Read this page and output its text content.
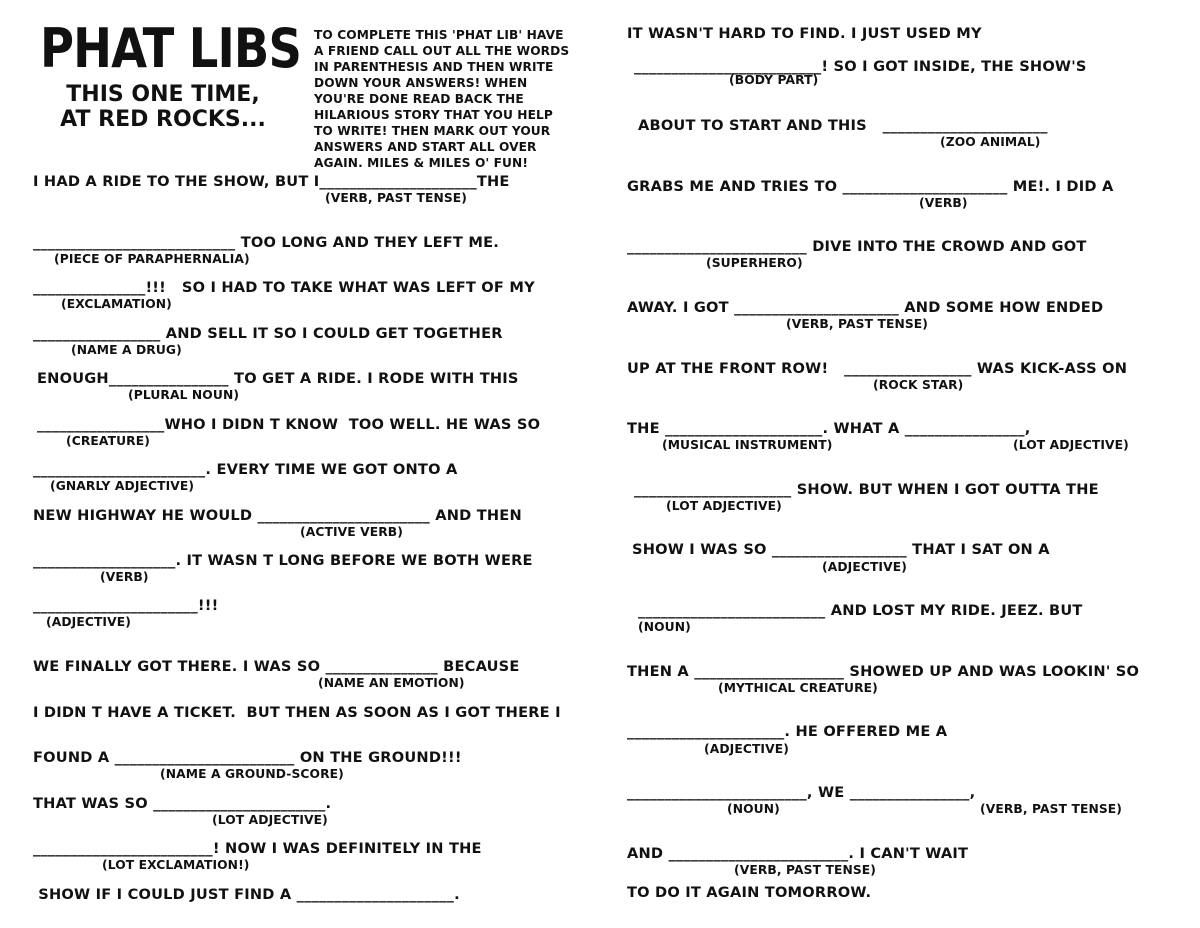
PHAT LIBS
THIS ONE TIME,
AT RED ROCKS...
TO COMPLETE THIS 'PHAT LIB' HAVE A FRIEND CALL OUT ALL THE WORDS IN PARENTHESIS AND THEN WRITE DOWN YOUR ANSWERS! WHEN YOU'RE DONE READ BACK THE HILARIOUS STORY THAT YOU HELP TO WRITE! THEN MARK OUT YOUR ANSWERS AND START ALL OVER AGAIN. MILES & MILES O' FUN!
I HAD A RIDE TO THE SHOW, BUT I_____________________THE
___________________________ TOO LONG AND THEY LEFT ME.
_______________!!!   SO I HAD TO TAKE WHAT WAS LEFT OF MY
_________________ AND SELL IT SO I COULD GET TOGETHER
ENOUGH________________ TO GET A RIDE. I RODE WITH THIS
_________________WHO I DIDN T KNOW  TOO WELL. HE WAS SO
_______________________. EVERY TIME WE GOT ONTO A
NEW HIGHWAY HE WOULD _______________________ AND THEN
___________________. IT WASN T LONG BEFORE WE BOTH WERE
______________________!!!
WE FINALLY GOT THERE. I WAS SO _______________ BECAUSE
I DIDN T HAVE A TICKET.  BUT THEN AS SOON AS I GOT THERE I
FOUND A ________________________ ON THE GROUND!!!
THAT WAS SO _______________________.
________________________! NOW I WAS DEFINITELY IN THE
SHOW IF I COULD JUST FIND A _____________________.
(VERB, PAST TENSE)
(PIECE OF PARAPHERNALIA)
(EXCLAMATION)
(NAME A DRUG)
(PLURAL NOUN)
(CREATURE)
(GNARLY ADJECTIVE)
(ACTIVE VERB)
(VERB)
(ADJECTIVE)
(NAME AN EMOTION)
(NAME A GROUND-SCORE)
(LOT ADJECTIVE)
(LOT EXCLAMATION!)
IT WASN'T HARD TO FIND. I JUST USED MY
_________________________! SO I GOT INSIDE, THE SHOW'S
ABOUT TO START AND THIS   ______________________
GRABS ME AND TRIES TO ______________________ ME!. I DID A
________________________ DIVE INTO THE CROWD AND GOT
AWAY. I GOT ______________________ AND SOME HOW ENDED
UP AT THE FRONT ROW!   _________________ WAS KICK-ASS ON
THE _____________________. WHAT A ________________,
_____________________ SHOW. BUT WHEN I GOT OUTTA THE
SHOW I WAS SO __________________ THAT I SAT ON A
_________________________ AND LOST MY RIDE. JEEZ. BUT
THEN A ____________________ SHOWED UP AND WAS LOOKIN' SO
_____________________. HE OFFERED ME A
________________________, WE ________________,
AND ________________________. I CAN'T WAIT
TO DO IT AGAIN TOMORROW.
(BODY PART)
(ZOO ANIMAL)
(VERB)
(SUPERHERO)
(VERB, PAST TENSE)
(ROCK STAR)
(MUSICAL INSTRUMENT)	(LOT ADJECTIVE)
(LOT ADJECTIVE)
(ADJECTIVE)
(NOUN)
(MYTHICAL CREATURE)
(ADJECTIVE)
(NOUN)	(VERB, PAST TENSE)
(VERB, PAST TENSE)
